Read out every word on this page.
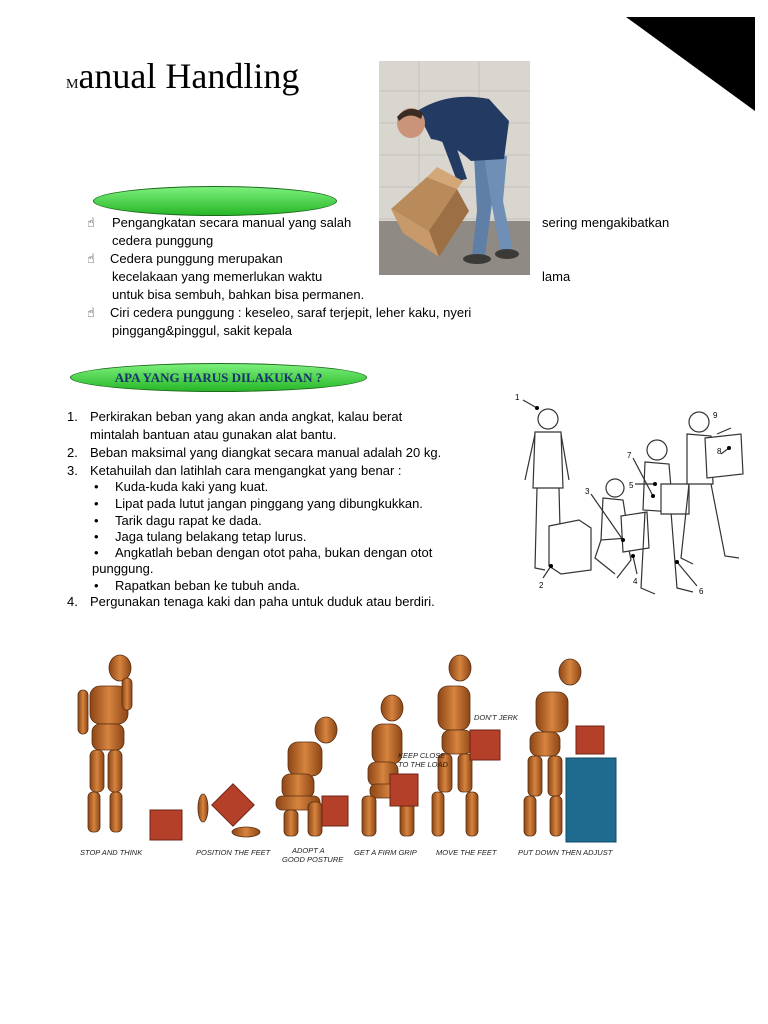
Manual Handling
☝ Pengangkatan secara manual yang salah	sering mengakibatkan
cedera punggung
☝ Cedera punggung merupakan
kecelakaan yang memerlukan waktu	lama
untuk bisa sembuh, bahkan bisa permanen.
☝ Ciri cedera punggung : keseleo, saraf terjepit, leher kaku, nyeri
pinggang&pinggul, sakit kepala
APA YANG HARUS DILAKUKAN ?
1. Perkirakan beban yang akan anda angkat, kalau berat
mintalah bantuan atau gunakan alat bantu.
2. Beban maksimal yang diangkat secara manual adalah 20 kg.
3. Ketahuilah dan latihlah cara mengangkat yang benar :
• Kuda-kuda kaki yang kuat.
• Lipat pada lutut jangan pinggang yang dibungkukkan.
• Tarik dagu rapat ke dada.
• Jaga tulang belakang tetap lurus.
• Angkatlah beban dengan otot paha, bukan dengan otot
punggung.
• Rapatkan beban ke tubuh anda.
4. Pergunakan tenaga kaki dan paha untuk duduk atau berdiri.
1
2
3
4
5
6
7	8
9
STOP AND THINK	POSITION THE FEET	ADOPT A
GOOD POSTURE
GET A FIRM GRIP	MOVE THE FEET	PUT DOWN THEN ADJUST
DON'T JERK
KEEP CLOSE
TO THE LOAD
